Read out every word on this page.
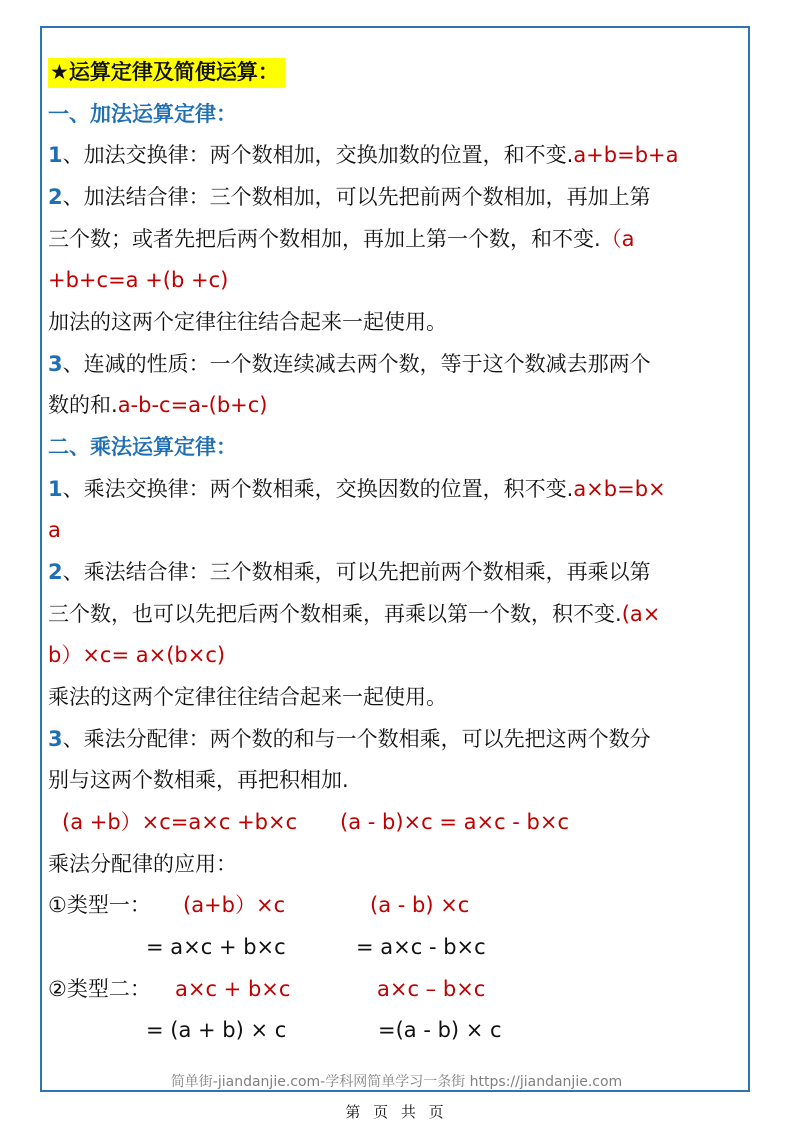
★运算定律及简便运算：
一、加法运算定律：
1、加法交换律：两个数相加，交换加数的位置，和不变.a+b=b+a
2、加法结合律：三个数相加，可以先把前两个数相加，再加上第
三个数；或者先把后两个数相加，再加上第一个数，和不变.（a
+b+c=a +(b +c)
加法的这两个定律往往结合起来一起使用。
3、连减的性质：一个数连续减去两个数，等于这个数减去那两个
数的和.a-b-c=a-(b+c)
二、乘法运算定律：
1、乘法交换律：两个数相乘，交换因数的位置，积不变.a×b=b×
a
2、乘法结合律：三个数相乘，可以先把前两个数相乘，再乘以第
三个数，也可以先把后两个数相乘，再乘以第一个数，积不变.(a×
b）×c= a×(b×c)
乘法的这两个定律往往结合起来一起使用。
3、乘法分配律：两个数的和与一个数相乘，可以先把这两个数分
别与这两个数相乘，再把积相加.
(a +b）×c=a×c +b×c (a - b)×c = a×c - b×c
乘法分配律的应用：
①类型一： (a+b）×c	(a - b) ×c
= a×c + b×c	= a×c - b×c
②类型二： a×c + b×c	a×c – b×c
= (a + b) × c	=(a - b) × c
简单街-jiandanjie.com-学科网简单学习一条街 https://jiandanjie.com
第 页 共 页
